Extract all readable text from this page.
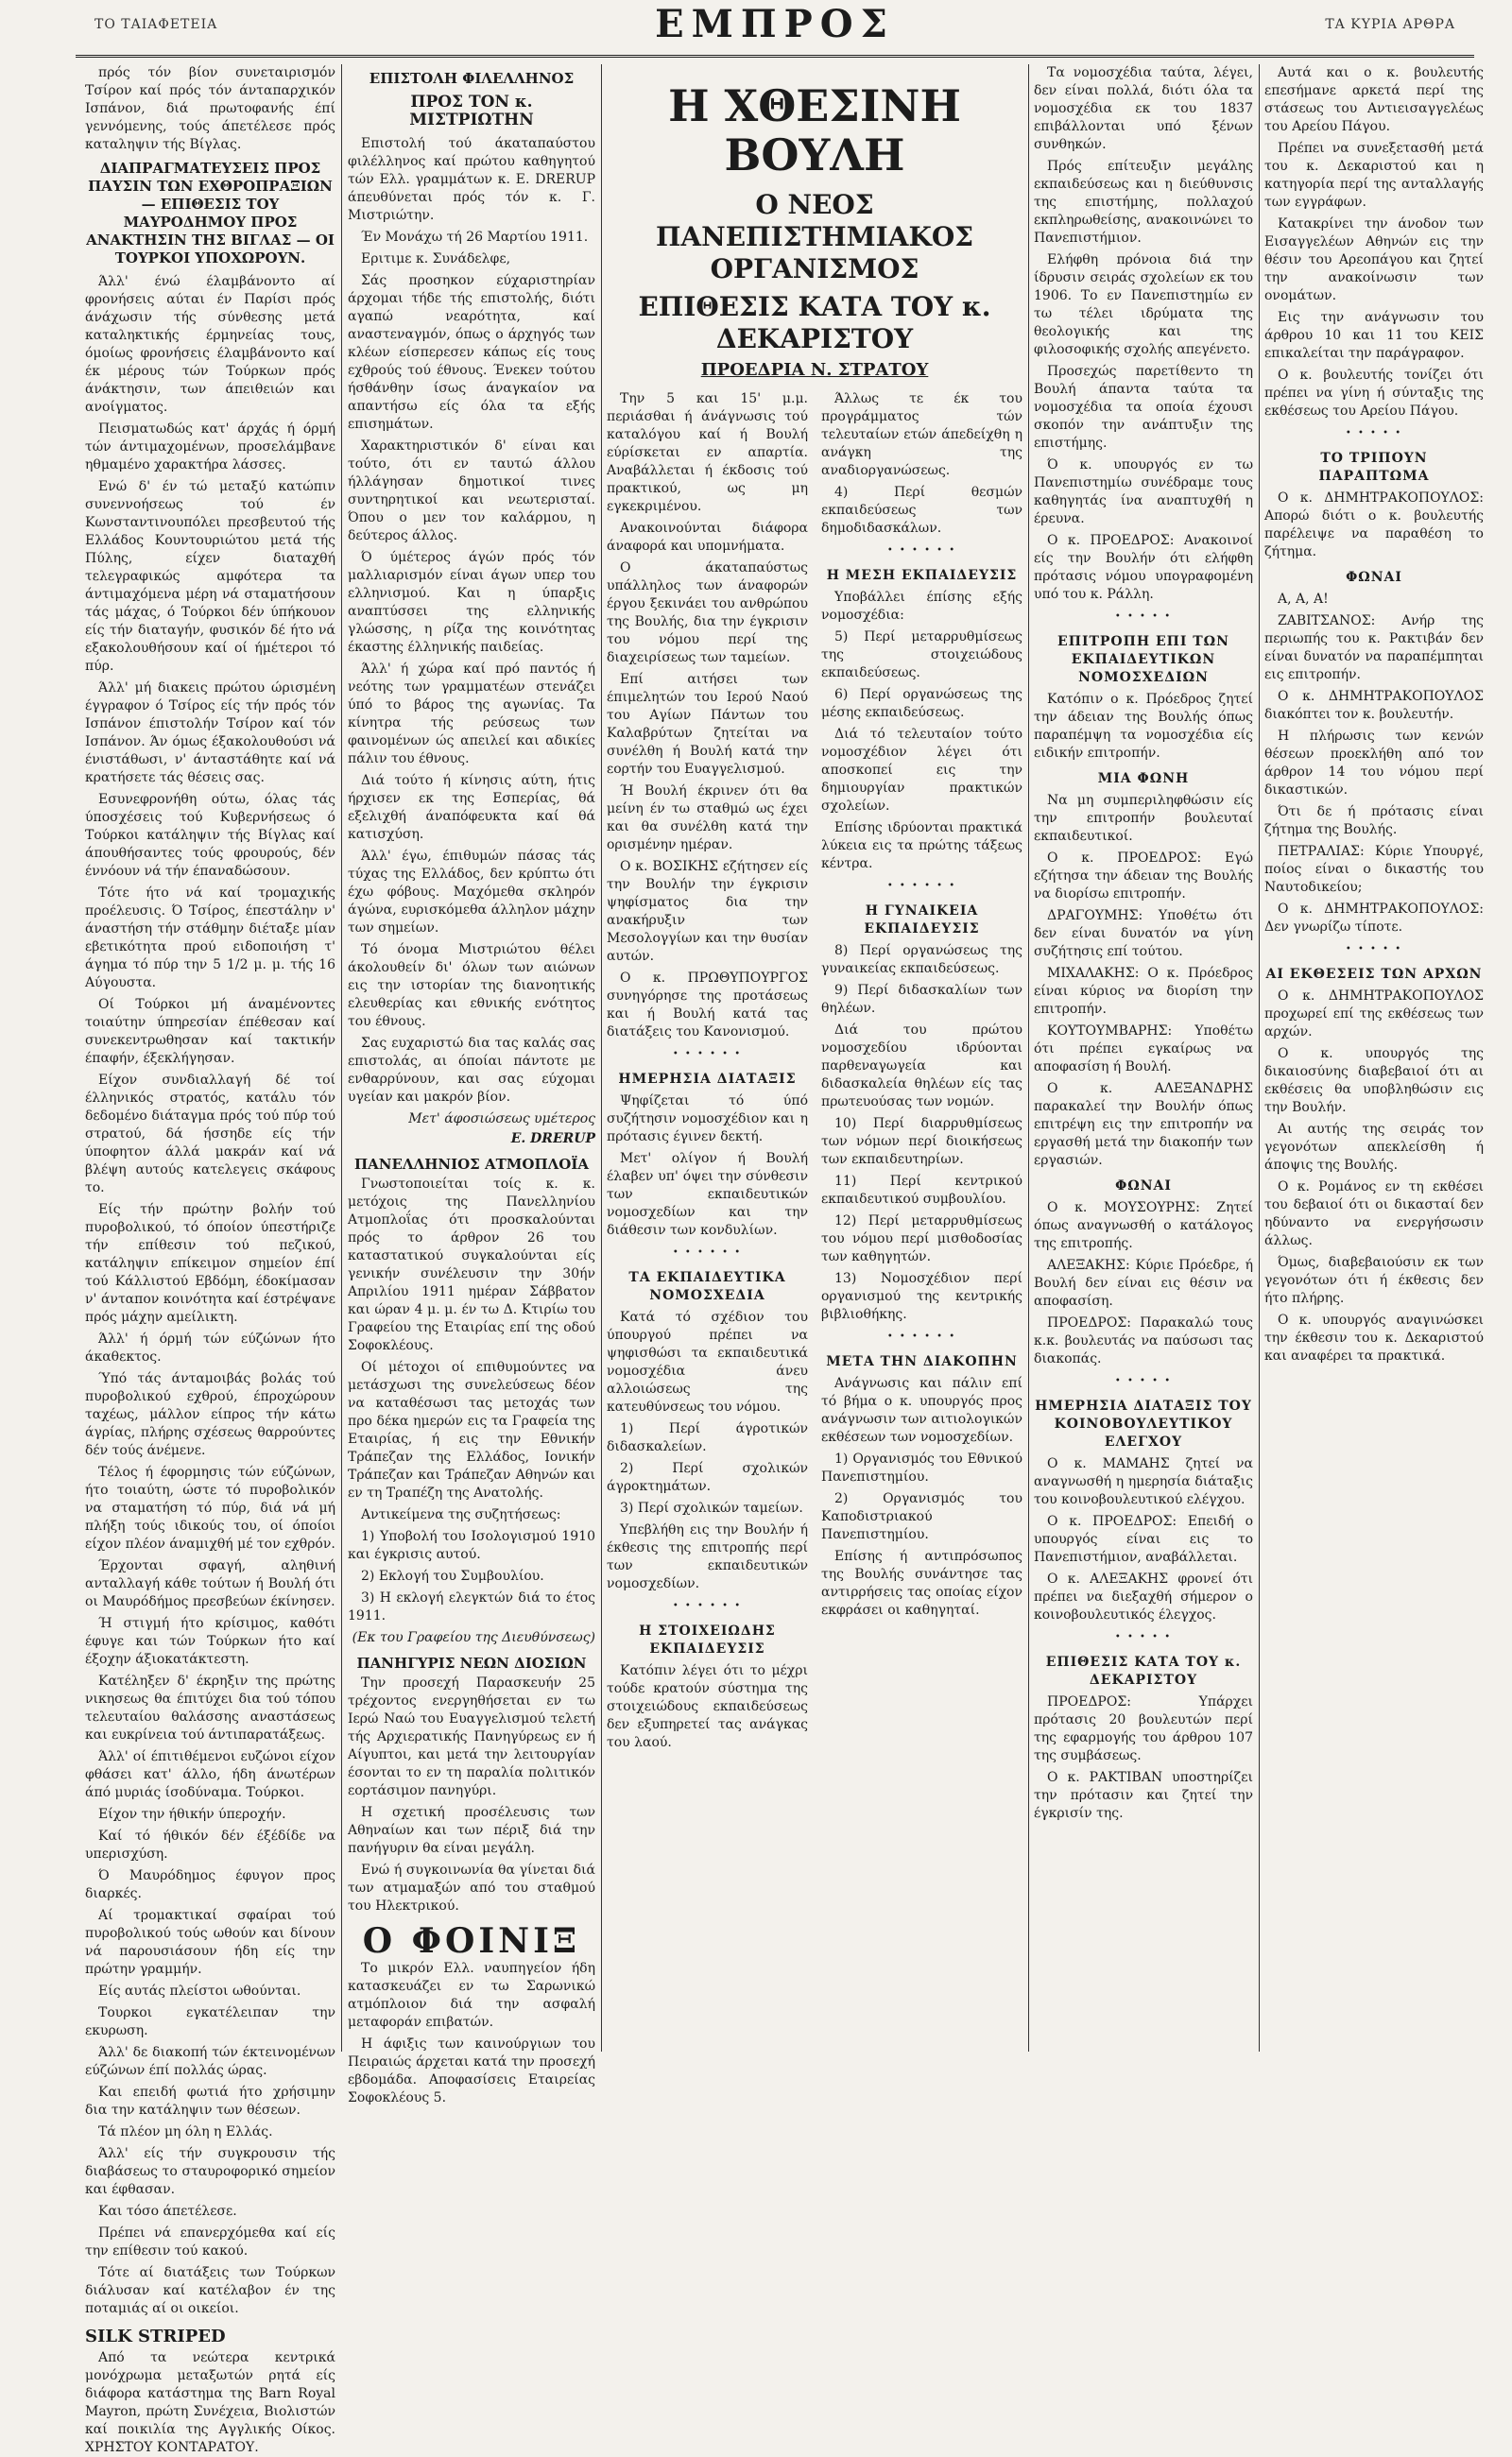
ΤΟ ΤΑΙΑΦΕΤΕΙΑ	ΕΜΠΡΟΣ	ΤΑ ΚΥΡΙΑ ΑΡΘΡΑ

πρός τόν βίον συνεταιρισμόν Τσίρον καί πρός τόν άνταπαρχικόν Ισπάνον, διά πρωτοφανής έπί γεννόμενης, τούς άπετέλεσε πρός καταληψιν τής Βίγλας.

ΔΙΑΠΡΑΓΜΑΤΕΥΣΕΙΣ ΠΡΟΣ ΠΑΥΣΙΝ ΤΩΝ ΕΧΘΡΟΠΡΑΞΙΩΝ — ΕΠΙΘΕΣΙΣ ΤΟΥ ΜΑΥΡΟΔΗΜΟΥ ΠΡΟΣ ΑΝΑΚΤΗΣΙΝ ΤΗΣ ΒΙΓΛΑΣ — ΟΙ ΤΟΥΡΚΟΙ ΥΠΟΧΩΡΟΥΝ.

Άλλ' ένώ έλαμβάνοντο αί φρονήσεις αύται έν Παρίσι πρός άνάχωσιν τής σύνθεσης μετά καταληκτικής έρμηνείας τους, όμοίως φρονήσεις έλαμβάνοντο καί έκ μέρους τών Τούρκων πρός άνάκτησιν, των άπειθειών και ανοίγματος.

Πεισματωδώς κατ' άρχάς ή όρμή τών άντιμαχομένων, προσελάμβανε ηθμαμένο χαρακτήρα λάσσες.

Ενώ δ' έν τώ μεταξύ κατώπιν συνεννοήσεως τού έν Κωνσταντινουπόλει πρεσβευτού τής Ελλάδος Κουντουριώτου μετά τής Πύλης, είχεν διαταχθή τελεγραφικώς αμφότερα τα άντιμαχόμενα μέρη νά σταματήσουν τάς μάχας, ό Τούρκοι δέν ύπήκουον είς τήν διαταγήν, φυσικόν δέ ήτο νά εξακολουθήσουν καί οί ήμέτεροι τό πύρ.

Άλλ' μή διακεις πρώτου ώρισμένη έγγραφον ό Τσίρος είς τήν πρός τόν Ισπάνον έπιστολήν Τσίρον καί τόν Ισπάνον. Άν όμως έξακολουθούσι νά ένιστάθωσι, ν' άνταστάθητε καί νά κρατήσετε τάς θέσεις σας.

Εσυνεφρονήθη ούτω, όλας τάς ύποσχέσεις τού Κυβερνήσεως ό Τούρκοι κατάληψιν τής Βίγλας καί άπουθήσαντες τούς φρουρούς, δέν έννόουν νά τήν έπαναδώσουν.

Τότε ήτο νά καί τρομαχικής προέλευσις. Ό Τσίρος, έπεστάλην ν' άναστήση τήν στάθμην διέταξε μίαν εβετικότητα πρού ειδοποιήση τ' άγημα τό πύρ την 5 1/2 μ. μ. τής 16 Αύγουστα.

Οί Τούρκοι μή άναμένοντες τοιαύτην ύπηρεσίαν έπέθεσαν καί συνεκεντρωθησαν καί τακτικήν έπαφήν, έξεκλήγησαν.

Είχον συνδιαλλαγή δέ τοί έλληνικός στρατός, κατάλυ τόν δεδομένο διάταγμα πρός τού πύρ τού στρατού, δά ήσσηδε είς τήν ύποφητον άλλά μακράν καί νά βλέψη αυτούς κατελεγεις σκάφους το.

Είς τήν πρώτην βολήν τού πυροβολικού, τό όποίον ύπεστήριζε τήν επίθεσιν τού πεζικού, κατάληψιν επίκειμον σημείον έπί τού Κάλλιστού Εβδόμη, έδοκίμασαν ν' άνταπον κοινότητα καί έστρέψανε πρός μάχην αμείλικτη.

Άλλ' ή όρμή τών εύζώνων ήτο άκαθεκτος.

Ύπό τάς άνταμοιβάς βολάς τού πυροβολικού εχθρού, έπροχώρουν ταχέως, μάλλον είπρος τήν κάτω άγρίας, πλήρης σχέσεως θαρρούντες δέν τούς άνέμενε.

Τέλος ή έφορμησις τών εύζώνων, ήτο τοιαύτη, ώστε τό πυροβολικόν να σταματήση τό πύρ, διά νά μή πλήξη τούς ιδικούς του, οί όποίοι είχον πλέον άναμιχθή μέ τον εχθρόν.

Έρχονται σφαγή, αληθινή ανταλλαγή κάθε τούτων ή Βουλή ότι οι Μαυρόδήμος πρεσβεύων έκίνησεν.

Ή στιγμή ήτο κρίσιμος, καθότι έφυγε και τών Τούρκων ήτο καί έξοχην άξιοκατάκτεστη.

Κατέληξεν δ' έκρηξιν της πρώτης νικησεως θα έπιτύχει δια τού τόπου τελευταίου θαλάσσης αναστάσεως και ευκρίνεια τού άντιπαρατάξεως.

Άλλ' οί έπιτιθέμενοι ευζώνοι είχον φθάσει κατ' άλλο, ήδη άνωτέρων άπό μυριάς ίσοδύναμα. Τούρκοι.

Είχον την ήθικήν ύπεροχήν.

Καί τό ήθικόν δέν έξέδίδε να υπερισχύση.

Ό Μαυρόδημος έφυγον προς διαρκές.

Αί τρομακτικαί σφαίραι τού πυροβολικού τούς ωθούν και δίνουν νά παρουσιάσουν ήδη είς την πρώτην γραμμήν.

Είς αυτάς πλείστοι ωθούνται.

Τουρκοι εγκατέλειπαν την εκυρωση.

Άλλ' δε διακοπή τών έκτεινομένων εύζώνων έπί πολλάς ώρας.

Και επειδή φωτιά ήτο χρήσιμην δια την κατάληψιν των θέσεων.

Τά πλέον μη όλη η Ελλάς.

Άλλ' είς τήν συγκρουσιν τής διαβάσεως το σταυροφορικό σημείον και έφθασαν.

Και τόσο άπετέλεσε.

Πρέπει νά επανερχόμεθα καί είς την επίθεσιν τού κακού.

Τότε αί διατάξεις των Τούρκων διάλυσαν καί κατέλαβον έν της ποταμιάς αί οι οικείοι.

SILK STRIPED

Από τα νεώτερα κεντρικά μονόχρωμα μεταξωτών ρητά είς διάφορα κατάστημα της Barn Royal Mayron, πρώτη Συνέχεια, Βιολιστών καί ποικιλία της Αγγλικής Οίκος. ΧΡΗΣΤΟΥ ΚΟΝΤΑΡΑΤΟΥ.

ΕΠΙΣΤΟΛΗ ΦΙΛΕΛΛΗΝΟΣ
ΠΡΟΣ ΤΟΝ κ. ΜΙΣΤΡΙΩΤΗΝ

Επιστολή τού άκαταπαύστου φιλέλληνος καί πρώτου καθηγητού τών Ελλ. γραμμάτων κ. Ε. DRERUP άπευθύνεται πρός τόν κ. Γ. Μιστριώτην.

Έν Μονάχω τή 26 Μαρτίου 1911.

Εριτιμε κ. Συνάδελφε,

Σάς προσηκον εύχαριστηρίαν άρχομαι τήδε τής επιστολής, διότι αγαπώ νεαρότητα, καί αναστεναγμόν, όπως ο άρχηγός των κλέων είσπερεσεν κάπως είς τους εχθρούς τού έθνους. Ένεκεν τούτου ήσθάνθην ίσως άναγκαίον να απαντήσω είς όλα τα εξής επισημάτων.

Χαρακτηριστικόν δ' είναι και τούτο, ότι εν ταυτώ άλλου ήλλάγησαν δημοτικοί τινες συντηρητικοί και νεωτερισταί. Όπου ο μεν τον καλάρμου, η δεύτερος άλλος.

Ό ύμέτερος άγών πρός τόν μαλλιαρισμόν είναι άγων υπερ του ελληνισμού. Και η ύπαρξις αναπτύσσει της ελληνικής γλώσσης, η ρίζα της κοινότητας έκαστης έλληνικής παιδείας.

Άλλ' ή χώρα καί πρό παντός ή νεότης των γραμματέων στενάζει ύπό το βάρος της αγωνίας. Τα κίνητρα τής ρεύσεως των φαινομένων ώς απειλεί και αδικίες πάλιν του έθνους.

Διά τούτο ή κίνησις αύτη, ήτις ήρχισεν εκ της Εσπερίας, θά εξελιχθή άναπόφευκτα καί θά κατισχύση.

Άλλ' έγω, έπιθυμών πάσας τάς τύχας της Ελλάδος, δεν κρύπτω ότι έχω φόβους. Μαχόμεθα σκληρόν άγώνα, ευρισκόμεθα άλληλον μάχην των σημείων.

Τό όνομα Μιστριώτου θέλει άκολουθείν δι' όλων των αιώνων εις την ιστορίαν της διανοητικής ελευθερίας και εθνικής ενότητος του έθνους.

Σας ευχαριστώ δια τας καλάς σας επιστολάς, αι όποίαι πάντοτε με ενθαρρύνουν, και σας εύχομαι υγείαν και μακρόν βίον.

Μετ' άφοσιώσεως υμέτερος
E. DRERUP
ΠΑΝΕΛΛΗΝΙΟΣ ΑΤΜΟΠΛΟΪΑ

Γνωστοποιείται τοίς κ. κ. μετόχοις της Πανελληνίου Ατμοπλοΐας ότι προσκαλούνται πρός το άρθρον 26 του καταστατικού συγκαλούνται είς γενικήν συνέλευσιν την 30ήν Απριλίου 1911 ημέραν Σάββατον και ώραν 4 μ. μ. έν τω Δ. Κτιρίω του Γραφείου της Εταιρίας επί της οδού Σοφοκλέους.

Οί μέτοχοι οί επιθυμούντες να μετάσχωσι της συνελεύσεως δέον να καταθέσωσι τας μετοχάς των προ δέκα ημερών εις τα Γραφεία της Εταιρίας, ή εις την Εθνικήν Τράπεζαν της Ελλάδος, Ιονικήν Τράπεζαν και Τράπεζαν Αθηνών και εν τη Τραπέζη της Ανατολής.

Αντικείμενα της συζητήσεως:

1) Υποβολή του Ισολογισμού 1910 και έγκρισις αυτού.

2) Εκλογή του Συμβουλίου.

3) Η εκλογή ελεγκτών διά το έτος 1911.

(Εκ του Γραφείου της Διευθύνσεως)
ΠΑΝΗΓΥΡΙΣ ΝΕΩΝ ΔΙΟΣΙΩΝ

Την προσεχή Παρασκευήν 25 τρέχοντος ενεργηθήσεται εν τω Ιερώ Ναώ του Ευαγγελισμού τελετή τής Αρχιερατικής Πανηγύρεως εν ή Αίγυπτοι, και μετά την λειτουργίαν έσονται το εν τη παραλία πολιτικόν εορτάσιμον πανηγύρι.

Η σχετική προσέλευσις των Αθηναίων και των πέριξ διά την πανήγυριν θα είναι μεγάλη.

Ενώ ή συγκοινωνία θα γίνεται διά των ατμαμαξών από του σταθμού του Ηλεκτρικού.

Ο ΦΟΙΝΙΞ

Το μικρόν Ελλ. ναυπηγείον ήδη κατασκευάζει εν τω Σαρωνικώ ατμόπλοιον διά την ασφαλή μεταφοράν επιβατών.

Η άφιξις των καινούργιων του Πειραιώς άρχεται κατά την προσεχή εβδομάδα. Αποφασίσεις Εταιρείας Σοφοκλέους 5.

Η ΧΘΕΣΙΝΗ ΒΟΥΛΗ
Ο ΝΕΟΣ ΠΑΝΕΠΙΣΤΗΜΙΑΚΟΣ ΟΡΓΑΝΙΣΜΟΣ
ΕΠΙΘΕΣΙΣ ΚΑΤΑ ΤΟΥ κ. ΔΕΚΑΡΙΣΤΟΥ
ΠΡΟΕΔΡΙΑ Ν. ΣΤΡΑΤΟΥ

Την 5 και 15' μ.μ. περιάσθαι ή άνάγνωσις τού καταλόγου καί ή Βουλή εύρίσκεται εν απαρτία. Αναβάλλεται ή έκδοσις τού πρακτικού, ως μη εγκεκριμένου.

Ανακοινούνται διάφορα άναφορά και υπομνήματα.

Ο άκαταπαύστως υπάλληλος των άναφορών έργου ξεκινάει του ανθρώπου της Βουλής, δια την έγκρισιν του νόμου περί της διαχειρίσεως των ταμείων.

Επί αιτήσει των έπιμελητών του Ιερού Ναού του Αγίων Πάντων του Καλαβρύτων ζητείται να συνέλθη ή Βουλή κατά την εορτήν του Ευαγγελισμού.

Ή Βουλή έκρινεν ότι θα μείνη έν τω σταθμώ ως έχει και θα συνέλθη κατά την ορισμένην ημέραν.

Ο κ. ΒΟΣΙΚΗΣ εζήτησεν είς την Βουλήν την έγκρισιν ψηφίσματος δια την ανακήρυξιν των Μεσολογγίων και την θυσίαν αυτών.

Ο κ. ΠΡΩΘΥΠΟΥΡΓΟΣ συνηγόρησε της προτάσεως και ή Βουλή κατά τας διατάξεις του Κανονισμού.

• • • • • •
ΗΜΕΡΗΣΙΑ ΔΙΑΤΑΞΙΣ

Ψηφίζεται τό ύπό συζήτησιν νομοσχέδιον και η πρότασις έγινεν δεκτή.

Μετ' ολίγον ή Βουλή έλαβεν υπ' όψει την σύνθεσιν των εκπαιδευτικών νομοσχεδίων και την διάθεσιν των κονδυλίων.

• • • • • •
ΤΑ ΕΚΠΑΙΔΕΥΤΙΚΑ ΝΟΜΟΣΧΕΔΙΑ

Κατά τό σχέδιον του ύπουργού πρέπει να ψηφισθώσι τα εκπαιδευτικά νομοσχέδια άνευ αλλοιώσεως της κατευθύνσεως του νόμου.

1) Περί άγροτικών διδασκαλείων.

2) Περί σχολικών άγροκτημάτων.

3) Περί σχολικών ταμείων.

Υπεβλήθη εις την Βουλήν ή έκθεσις της επιτροπής περί των εκπαιδευτικών νομοσχεδίων.

• • • • • •
Η ΣΤΟΙΧΕΙΩΔΗΣ ΕΚΠΑΙΔΕΥΣΙΣ

Κατόπιν λέγει ότι το μέχρι τούδε κρατούν σύστημα της στοιχειώδους εκπαιδεύσεως δεν εξυπηρετεί τας ανάγκας του λαού.

Άλλως τε έκ του προγράμματος τών τελευταίων ετών άπεδείχθη η ανάγκη της αναδιοργανώσεως.

4) Περί θεσμών εκπαιδεύσεως των δημοδιδασκάλων.

• • • • • •
Η ΜΕΣΗ ΕΚΠΑΙΔΕΥΣΙΣ

Υποβάλλει έπίσης εξής νομοσχέδια:

5) Περί μεταρρυθμίσεως της στοιχειώδους εκπαιδεύσεως.

6) Περί οργανώσεως της μέσης εκπαιδεύσεως.

Διά τό τελευταίον τούτο νομοσχέδιον λέγει ότι αποσκοπεί εις την δημιουργίαν πρακτικών σχολείων.

Επίσης ιδρύονται πρακτικά λύκεια εις τα πρώτης τάξεως κέντρα.

• • • • • •
Η ΓΥΝΑΙΚΕΙΑ ΕΚΠΑΙΔΕΥΣΙΣ

8) Περί οργανώσεως της γυναικείας εκπαιδεύσεως.

9) Περί διδασκαλίων των θηλέων.

Διά του πρώτου νομοσχεδίου ιδρύονται παρθεναγωγεία και διδασκαλεία θηλέων είς τας πρωτευούσας των νομών.

10) Περί διαρρυθμίσεως των νόμων περί διοικήσεως των εκπαιδευτηρίων.

11) Περί κεντρικού εκπαιδευτικού συμβουλίου.

12) Περί μεταρρυθμίσεως του νόμου περί μισθοδοσίας των καθηγητών.

13) Νομοσχέδιον περί οργανισμού της κεντρικής βιβλιοθήκης.

• • • • • •
ΜΕΤΑ ΤΗΝ ΔΙΑΚΟΠΗΝ

Ανάγνωσις και πάλιν επί τό βήμα ο κ. υπουργός προς ανάγνωσιν των αιτιολογικών εκθέσεων των νομοσχεδίων.

1) Οργανισμός του Εθνικού Πανεπιστημίου.

2) Οργανισμός του Καποδιστριακού Πανεπιστημίου.

Επίσης ή αντιπρόσωπος της Βουλής συνάντησε τας αντιρρήσεις τας οποίας είχον εκφράσει οι καθηγηταί.

Τα νομοσχέδια ταύτα, λέγει, δεν είναι πολλά, διότι όλα τα νομοσχέδια εκ του 1837 επιβάλλονται υπό ξένων συνθηκών.

Πρός επίτευξιν μεγάλης εκπαιδεύσεως και η διεύθυνσις της επιστήμης, πολλαχού εκπληρωθείσης, ανακοινώνει το Πανεπιστήμιον.

Ελήφθη πρόνοια διά την ίδρυσιν σειράς σχολείων εκ του 1906. Το εν Πανεπιστημίω εν τω τέλει ιδρύματα της θεολογικής και της φιλοσοφικής σχολής απεγένετο.

Προσεχώς παρετίθεντο τη Βουλή άπαντα ταύτα τα νομοσχέδια τα οποία έχουσι σκοπόν την ανάπτυξιν της επιστήμης.

Ό κ. υπουργός εν τω Πανεπιστημίω συνέδραμε τους καθηγητάς ίνα αναπτυχθή η έρευνα.

Ο κ. ΠΡΟΕΔΡΟΣ: Ανακοινοί είς την Βουλήν ότι ελήφθη πρότασις νόμου υπογραφομένη υπό του κ. Ράλλη.

• • • • •
ΕΠΙΤΡΟΠΗ ΕΠΙ ΤΩΝ ΕΚΠΑΙΔΕΥΤΙΚΩΝ ΝΟΜΟΣΧΕΔΙΩΝ

Κατόπιν ο κ. Πρόεδρος ζητεί την άδειαν της Βουλής όπως παραπέμψη τα νομοσχέδια είς ειδικήν επιτροπήν.

ΜΙΑ ΦΩΝΗ

Να μη συμπεριληφθώσιν είς την επιτροπήν βουλευταί εκπαιδευτικοί.

Ο κ. ΠΡΟΕΔΡΟΣ: Εγώ εζήτησα την άδειαν της Βουλής να διορίσω επιτροπήν.

ΔΡΑΓΟΥΜΗΣ: Υποθέτω ότι δεν είναι δυνατόν να γίνη συζήτησις επί τούτου.

ΜΙΧΑΛΑΚΗΣ: Ο κ. Πρόεδρος είναι κύριος να διορίση την επιτροπήν.

ΚΟΥΤΟΥΜΒΑΡΗΣ: Υποθέτω ότι πρέπει εγκαίρως να αποφασίση ή Βουλή.

Ο κ. ΑΛΕΞΑΝΔΡΗΣ παρακαλεί την Βουλήν όπως επιτρέψη εις την επιτροπήν να εργασθή μετά την διακοπήν των εργασιών.

ΦΩΝΑΙ

Ο κ. ΜΟΥΣΟΥΡΗΣ: Ζητεί όπως αναγνωσθή ο κατάλογος της επιτροπής.

ΑΛΕΞΑΚΗΣ: Κύριε Πρόεδρε, ή Βουλή δεν είναι εις θέσιν να αποφασίση.

ΠΡΟΕΔΡΟΣ: Παρακαλώ τους κ.κ. βουλευτάς να παύσωσι τας διακοπάς.

• • • • •
ΗΜΕΡΗΣΙΑ ΔΙΑΤΑΞΙΣ ΤΟΥ ΚΟΙΝΟΒΟΥΛΕΥΤΙΚΟΥ ΕΛΕΓΧΟΥ

Ο κ. ΜΑΜΑΗΣ ζητεί να αναγνωσθή η ημερησία διάταξις του κοινοβουλευτικού ελέγχου.

Ο κ. ΠΡΟΕΔΡΟΣ: Επειδή ο υπουργός είναι εις το Πανεπιστήμιον, αναβάλλεται.

Ο κ. ΑΛΕΞΑΚΗΣ φρονεί ότι πρέπει να διεξαχθή σήμερον ο κοινοβουλευτικός έλεγχος.

• • • • •
ΕΠΙΘΕΣΙΣ ΚΑΤΑ ΤΟΥ κ. ΔΕΚΑΡΙΣΤΟΥ

ΠΡΟΕΔΡΟΣ: Υπάρχει πρότασις 20 βουλευτών περί της εφαρμογής του άρθρου 107 της συμβάσεως.

Ο κ. ΡΑΚΤΙΒΑΝ υποστηρίζει την πρότασιν και ζητεί την έγκρισίν της.

Αυτά και ο κ. βουλευτής επεσήμανε αρκετά περί της στάσεως του Αντιεισαγγελέως του Αρείου Πάγου.

Πρέπει να συνεξετασθή μετά του κ. Δεκαριστού και η κατηγορία περί της ανταλλαγής των εγγράφων.

Κατακρίνει την άνοδον των Εισαγγελέων Αθηνών εις την θέσιν του Αρεοπάγου και ζητεί την ανακοίνωσιν των ονομάτων.

Εις την ανάγνωσιν του άρθρου 10 και 11 του ΚΕΙΣ επικαλείται την παράγραφον.

Ο κ. βουλευτής τονίζει ότι πρέπει να γίνη ή σύνταξις της εκθέσεως του Αρείου Πάγου.

• • • • •
ΤΟ ΤΡΙΠΟΥΝ ΠΑΡΑΠΤΩΜΑ

Ο κ. ΔΗΜΗΤΡΑΚΟΠΟΥΛΟΣ: Απορώ διότι ο κ. βουλευτής παρέλειψε να παραθέση το ζήτημα.

ΦΩΝΑΙ

Α, Α, Α!

ΖΑΒΙΤΣΑΝΟΣ: Ανήρ της περιωπής του κ. Ρακτιβάν δεν είναι δυνατόν να παραπέμπηται εις επιτροπήν.

Ο κ. ΔΗΜΗΤΡΑΚΟΠΟΥΛΟΣ διακόπτει τον κ. βουλευτήν.

Η πλήρωσις των κενών θέσεων προεκλήθη από τον άρθρον 14 του νόμου περί δικαστικών.

Ότι δε ή πρότασις είναι ζήτημα της Βουλής.

ΠΕΤΡΑΛΙΑΣ: Κύριε Υπουργέ, ποίος είναι ο δικαστής του Ναυτοδικείου;

Ο κ. ΔΗΜΗΤΡΑΚΟΠΟΥΛΟΣ: Δεν γνωρίζω τίποτε.

• • • • •
ΑΙ ΕΚΘΕΣΕΙΣ ΤΩΝ ΑΡΧΩΝ

Ο κ. ΔΗΜΗΤΡΑΚΟΠΟΥΛΟΣ προχωρεί επί της εκθέσεως των αρχών.

Ο κ. υπουργός της δικαιοσύνης διαβεβαιοί ότι αι εκθέσεις θα υποβληθώσιν εις την Βουλήν.

Αι αυτής της σειράς τον γεγονότων απεκλείσθη ή άποψις της Βουλής.

Ο κ. Ρομάνος εν τη εκθέσει του δεβαιοί ότι οι δικασταί δεν ηδύναντο να ενεργήσωσιν άλλως.

Όμως, διαβεβαιούσιν εκ των γεγονότων ότι ή έκθεσις δεν ήτο πλήρης.

Ο κ. υπουργός αναγινώσκει την έκθεσιν του κ. Δεκαριστού και αναφέρει τα πρακτικά.
